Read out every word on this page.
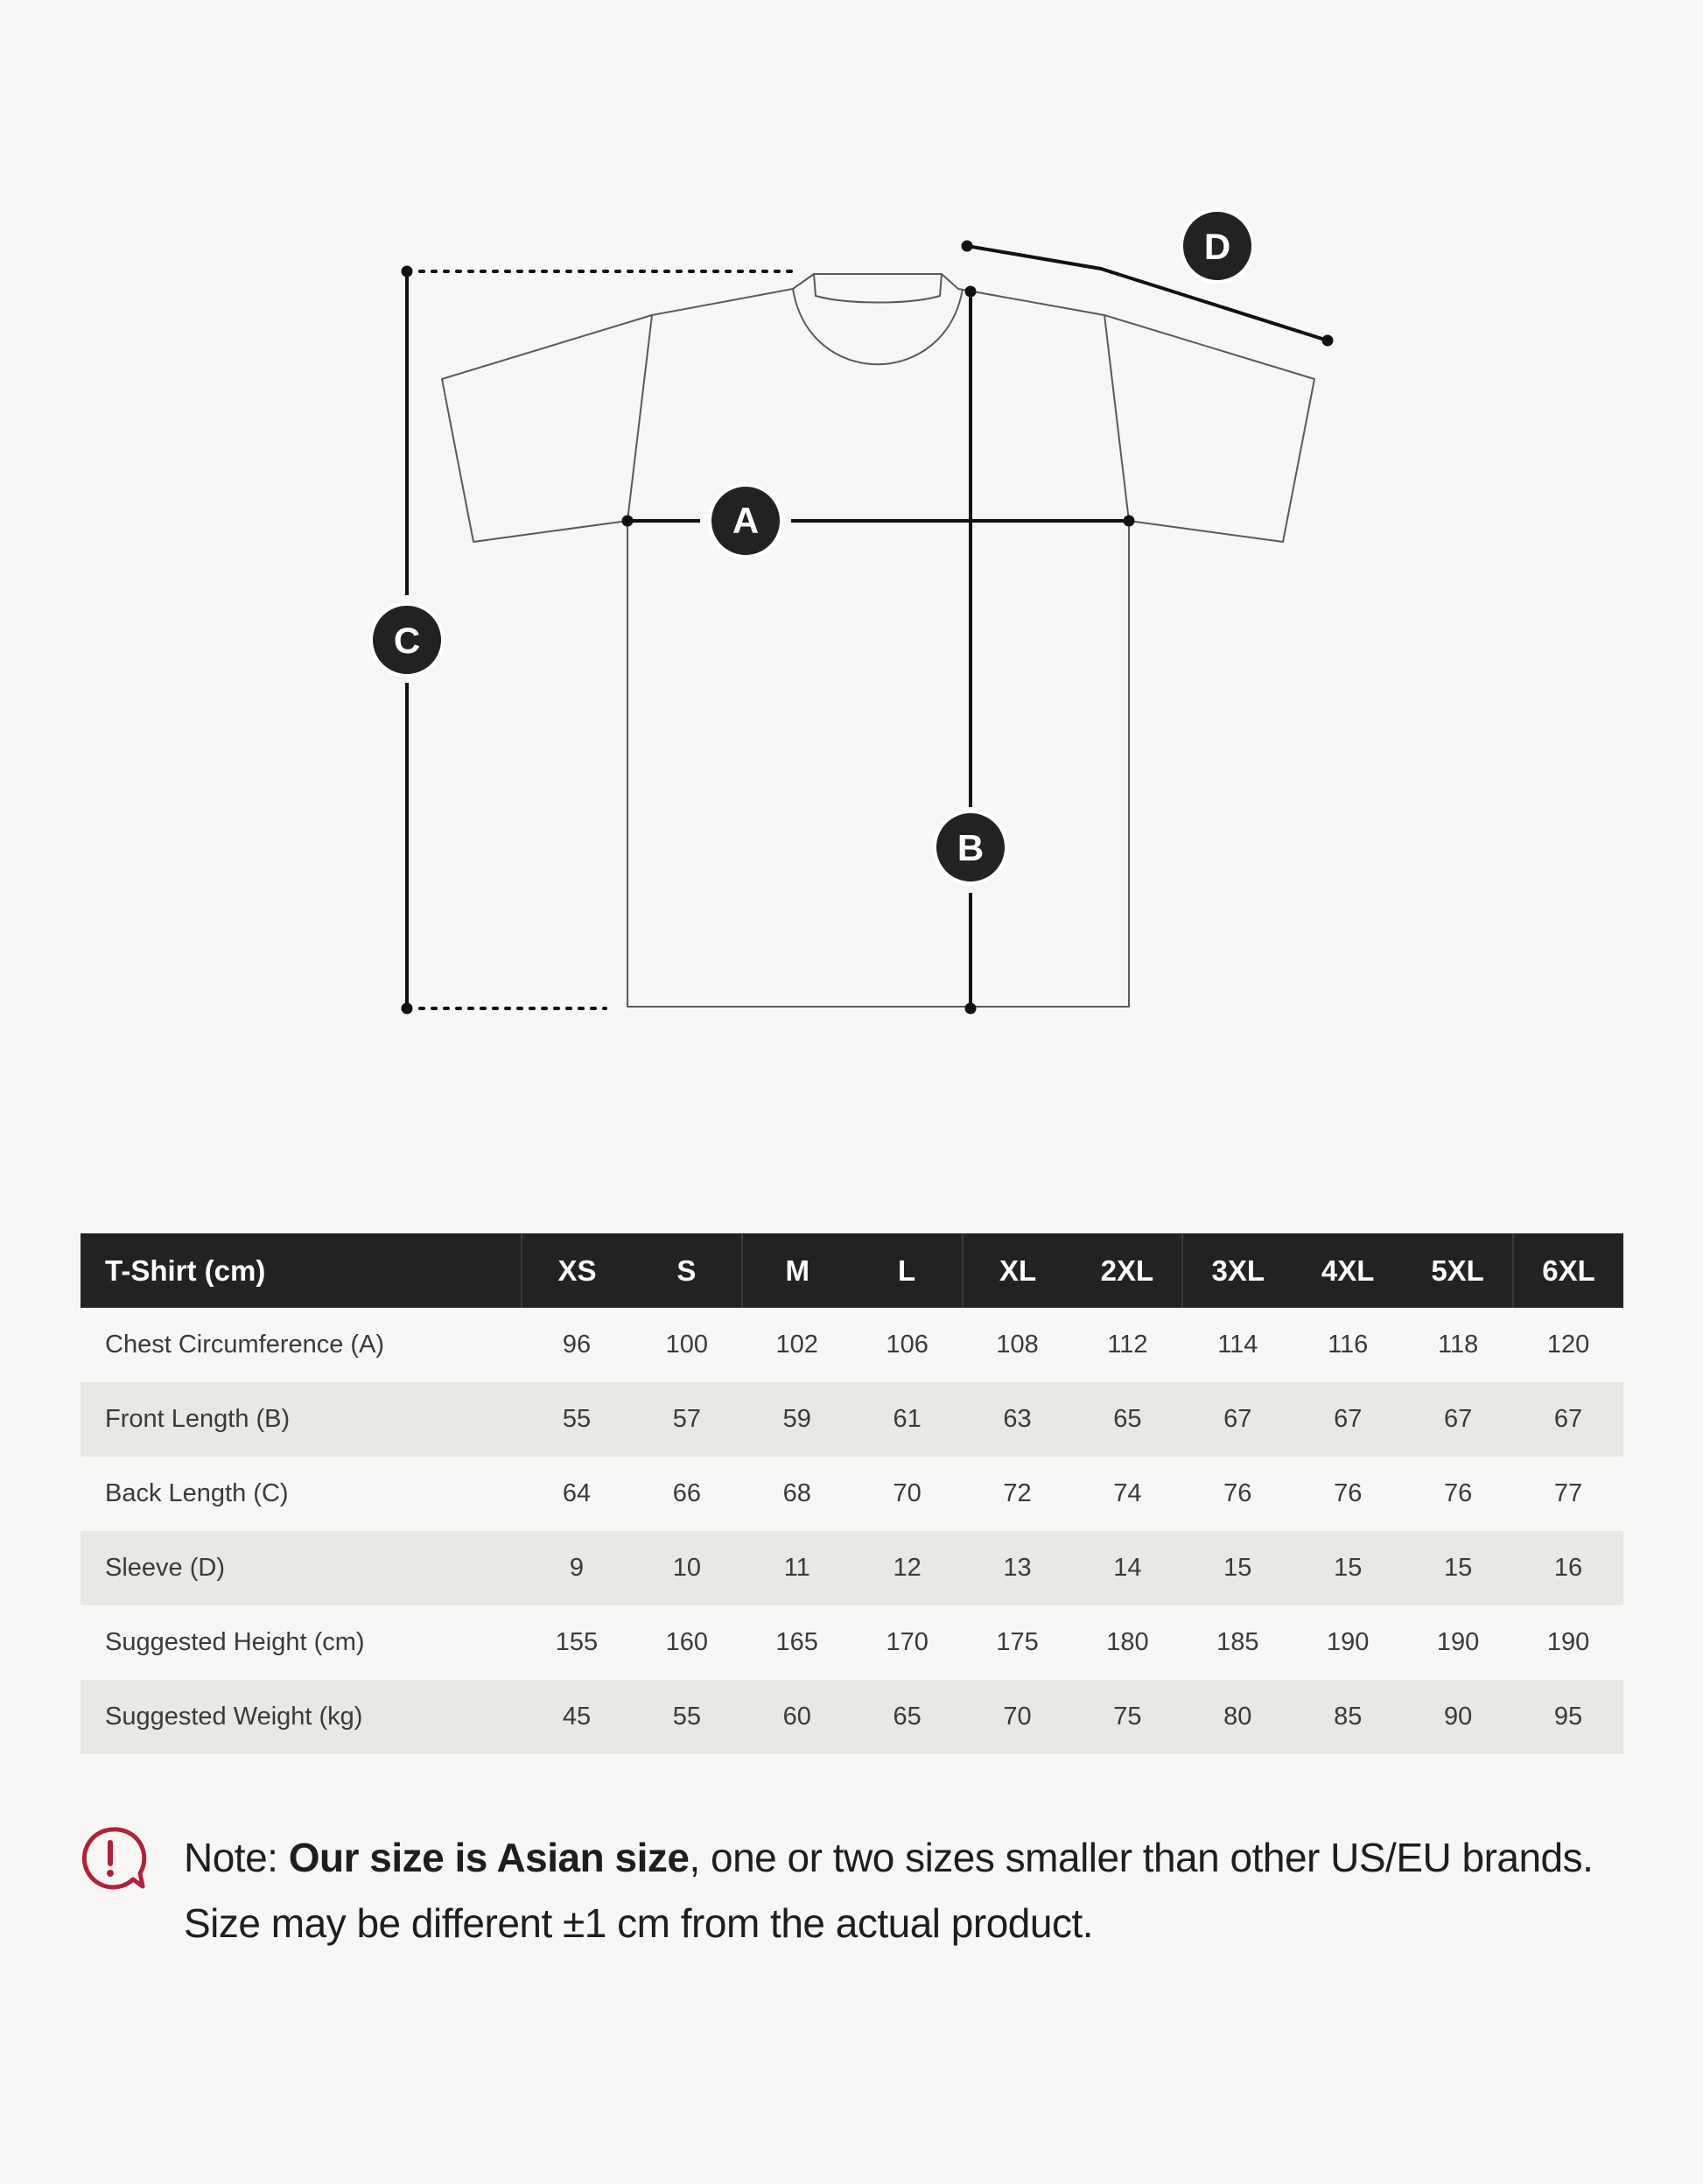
A
B
C
D
T-Shirt (cm)	XS	S	M	L	XL	2XL	3XL	4XL	5XL	6XL
Chest Circumference (A)	96	100	102	106	108	112	114	116	118	120
Front Length (B)	55	57	59	61	63	65	67	67	67	67
Back Length (C)	64	66	68	70	72	74	76	76	76	77
Sleeve (D)	9	10	11	12	13	14	15	15	15	16
Suggested Height (cm)	155	160	165	170	175	180	185	190	190	190
Suggested Weight (kg)	45	55	60	65	70	75	80	85	90	95
Note: Our size is Asian size, one or two sizes smaller than other US/EU brands.
Size may be different ±1 cm from the actual product.
